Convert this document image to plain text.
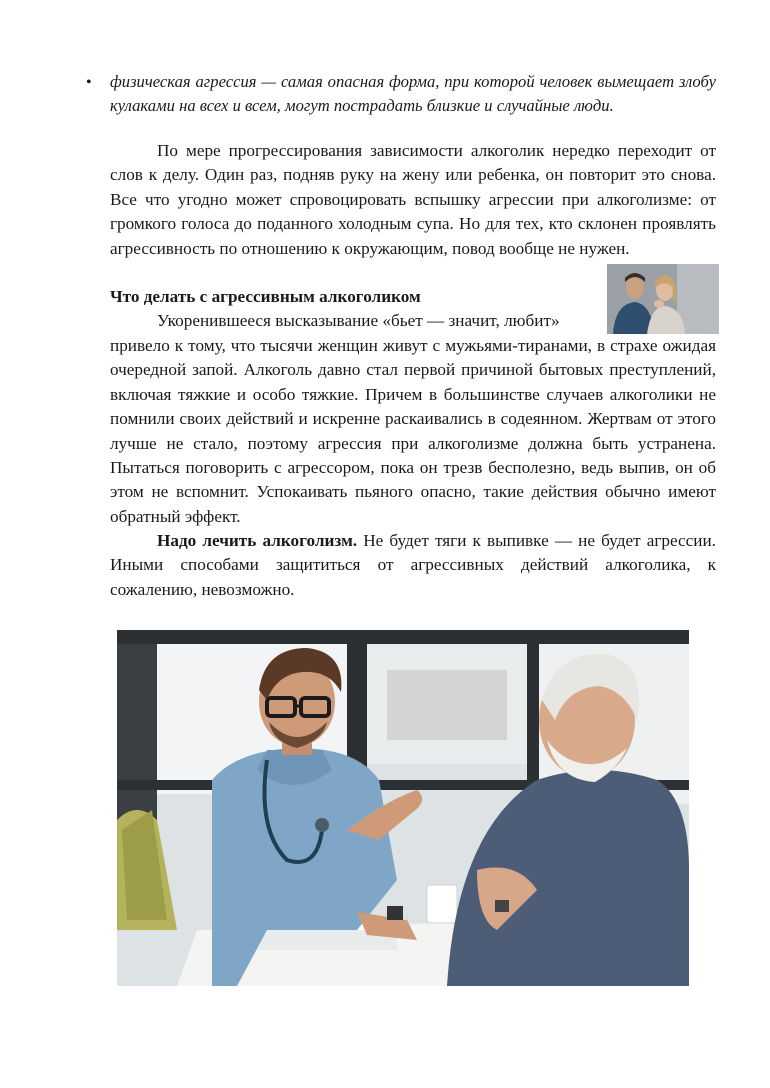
• физическая агрессия — самая опасная форма, при которой человек вымещает злобу кулаками на всех и всем, могут пострадать близкие и случайные люди.
По мере прогрессирования зависимости алкоголик нередко переходит от слов к делу. Один раз, подняв руку на жену или ребенка, он повторит это снова. Все что угодно может спровоцировать вспышку агрессии при алкоголизме: от громкого голоса до поданного холодным супа. Но для тех, кто склонен проявлять агрессивность по отношению к окружающим, повод вообще не нужен.
Что делать с агрессивным алкоголиком
Укоренившееся высказывание «бьет — значит, любит»
привело к тому, что тысячи женщин живут с мужьями-тиранами, в страхе ожидая очередной запой. Алкоголь давно стал первой причиной бытовых преступлений, включая тяжкие и особо тяжкие. Причем в большинстве случаев алкоголики не помнили своих действий и искренне раскаивались в содеянном. Жертвам от этого лучше не стало, поэтому агрессия при алкоголизме должна быть устранена. Пытаться поговорить с агрессором, пока он трезв бесполезно, ведь выпив, он об этом не вспомнит. Успокаивать пьяного опасно, такие действия обычно имеют обратный эффект.
Надо лечить алкоголизм. Не будет тяги к выпивке — не будет агрессии. Иными способами защититься от агрессивных действий алкоголика, к сожалению, невозможно.
